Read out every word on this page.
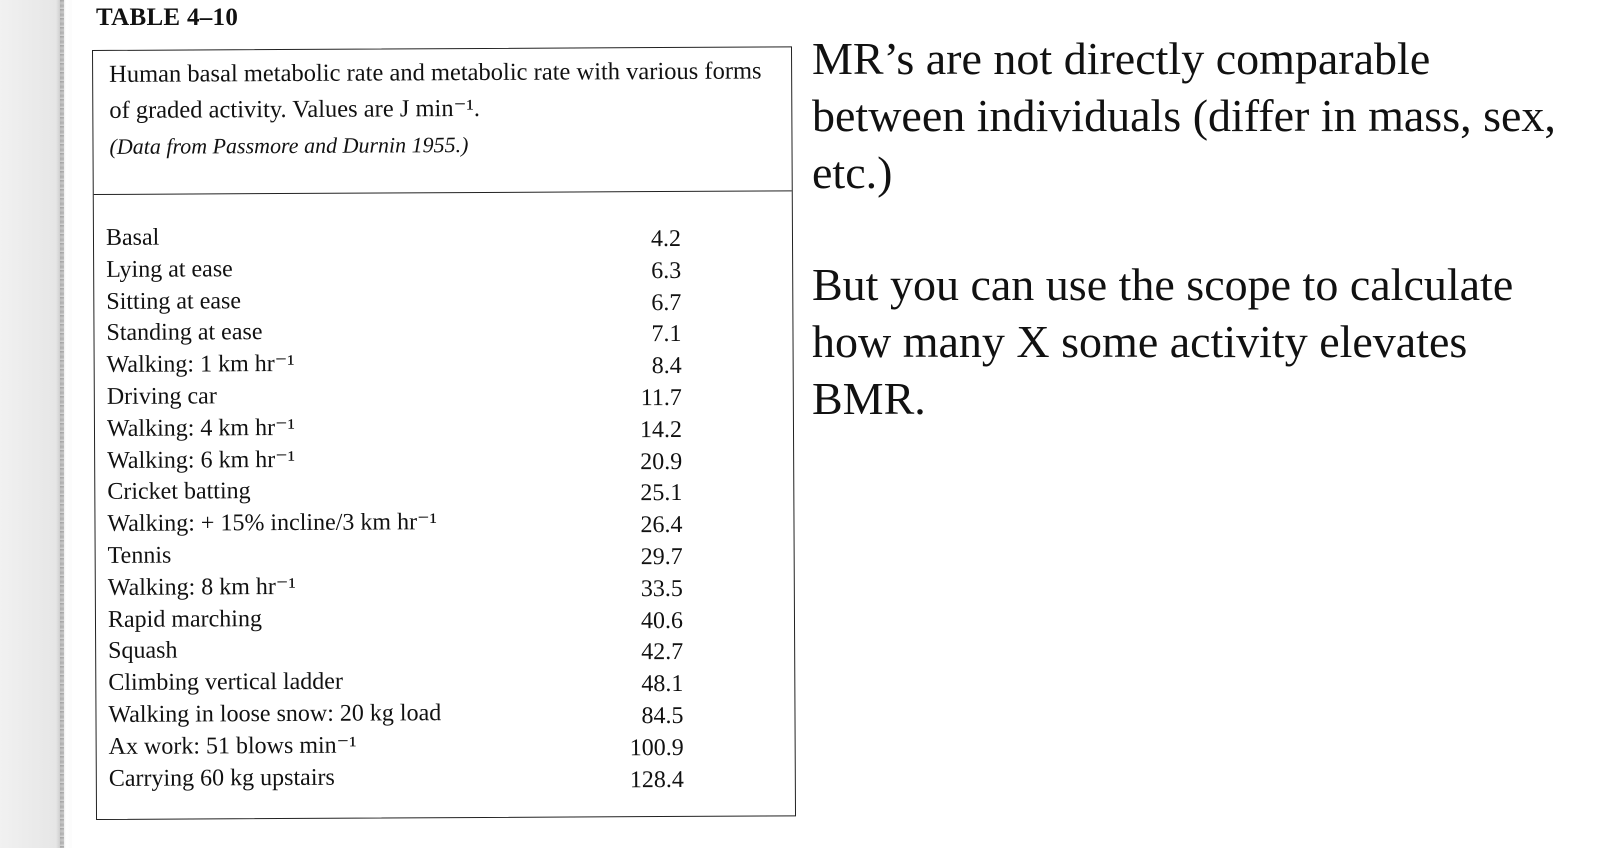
TABLE 4–10
Human basal metabolic rate and metabolic rate with various forms of graded activity. Values are J min⁻¹.
(Data from Passmore and Durnin 1955.)
Basal	4.2
Lying at ease	6.3
Sitting at ease	6.7
Standing at ease	7.1
Walking: 1 km hr⁻¹	8.4
Driving car	11.7
Walking: 4 km hr⁻¹	14.2
Walking: 6 km hr⁻¹	20.9
Cricket batting	25.1
Walking: + 15% incline/3 km hr⁻¹	26.4
Tennis	29.7
Walking: 8 km hr⁻¹	33.5
Rapid marching	40.6
Squash	42.7
Climbing vertical ladder	48.1
Walking in loose snow: 20 kg load	84.5
Ax work: 51 blows min⁻¹	100.9
Carrying 60 kg upstairs	128.4

MR’s are not directly comparable between individuals (differ in mass, sex, etc.)

But you can use the scope to calculate how many X some activity elevates BMR.
